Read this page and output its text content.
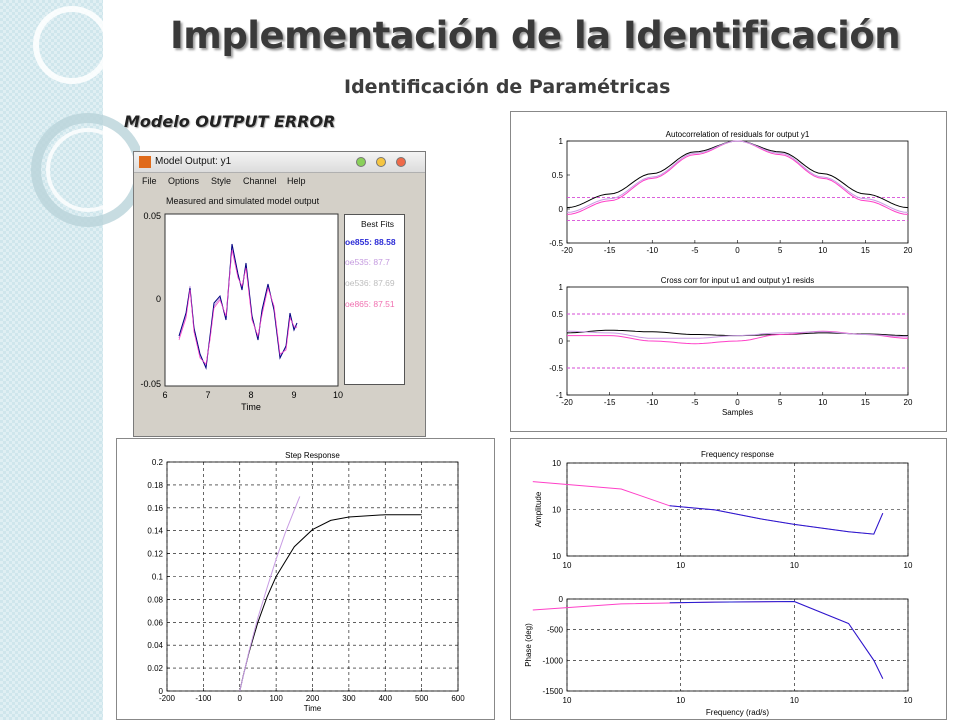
Implementación de la Identificación
Identificación de Paramétricas
Modelo OUTPUT ERROR
Model Output: y1
File Options Style Channel Help
Measured and simulated model output
0.05
0
-0.05
6	7	8	9	10
Time
Best Fits
oe855: 88.58
oe535: 87.7
oe536: 87.69
oe865: 87.51
Autocorrelation of residuals for output y1
-20	-15	-10	-5	0	5	10	15	20
1
0.5
0
-0.5
Cross corr for input u1 and output y1 resids
-20	-15	-10	-5	0	5	10	15	20
1
0.5
0
-0.5
-1
Samples
Step Response
-200	-100	0	100	200	300	400	500	600
0.2
0.18
0.16
0.14
0.12
0.1
0.08
0.06
0.04
0.02
0
Time
Frequency response
10	10	10	10
10
10
10
Amplitude
10	10	10	10
0
-500
-1000
-1500
Phase (deg)
Frequency (rad/s)
